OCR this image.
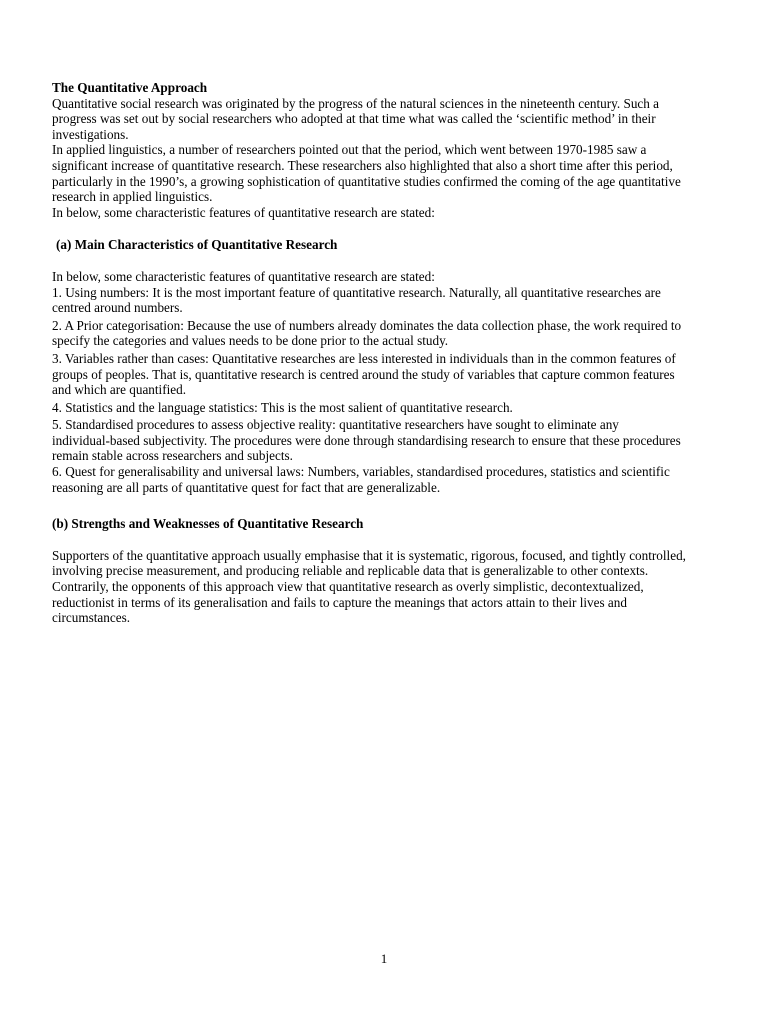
The Quantitative Approach
Quantitative social research was originated by the progress of the natural sciences in the nineteenth century. Such a
progress was set out by social researchers who adopted at that time what was called the ‘scientific method’ in their
investigations.
In applied linguistics, a number of researchers pointed out that the period, which went between 1970-1985 saw a
significant increase of quantitative research. These researchers also highlighted that also a short time after this period,
particularly in the 1990’s, a growing sophistication of quantitative studies confirmed the coming of the age quantitative
research in applied linguistics.
In below, some characteristic features of quantitative research are stated:
(a) Main Characteristics of Quantitative Research
In below, some characteristic features of quantitative research are stated:
1. Using numbers: It is the most important feature of quantitative research. Naturally, all quantitative researches are
centred around numbers.
2. A Prior categorisation: Because the use of numbers already dominates the data collection phase, the work required to
specify the categories and values needs to be done prior to the actual study.
3. Variables rather than cases: Quantitative researches are less interested in individuals than in the common features of
groups of peoples. That is, quantitative research is centred around the study of variables that capture common features
and which are quantified.
4. Statistics and the language statistics: This is the most salient of quantitative research.
5. Standardised procedures to assess objective reality: quantitative researchers have sought to eliminate any
individual-based subjectivity. The procedures were done through standardising research to ensure that these procedures
remain stable across researchers and subjects.
6. Quest for generalisability and universal laws: Numbers, variables, standardised procedures, statistics and scientific
reasoning are all parts of quantitative quest for fact that are generalizable.
(b) Strengths and Weaknesses of Quantitative Research
Supporters of the quantitative approach usually emphasise that it is systematic, rigorous, focused, and tightly controlled,
involving precise measurement, and producing reliable and replicable data that is generalizable to other contexts.
Contrarily, the opponents of this approach view that quantitative research as overly simplistic, decontextualized,
reductionist in terms of its generalisation and fails to capture the meanings that actors attain to their lives and
circumstances.
1
